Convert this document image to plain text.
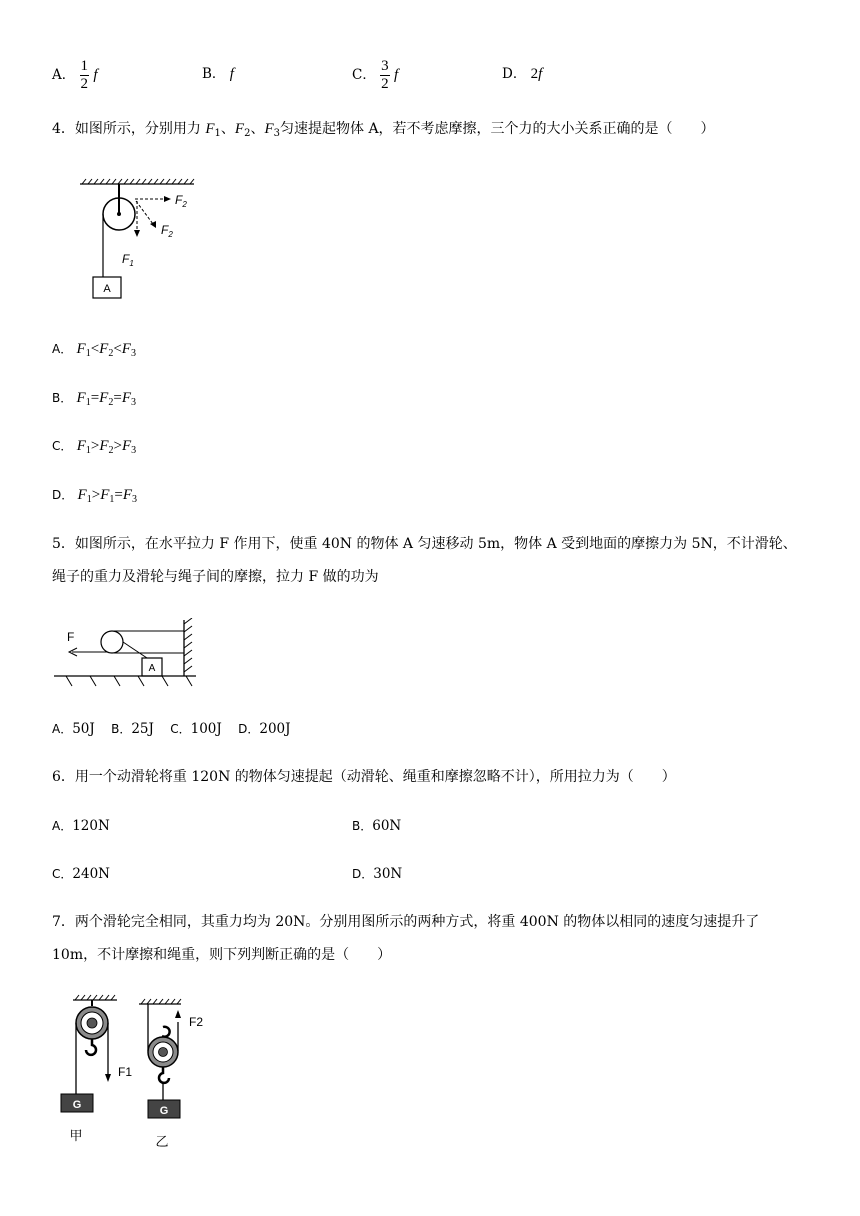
A． $\frac{1}{2}$ f	B． f	C． $\frac{3}{2}$ f	D． 2f
4．如图所示，分别用力 $F_1$、$F_2$、$F_3$匀速提起物体 A，若不考虑摩擦，三个力的大小关系正确的是（　　）
A
$F_1$
$F_2$
$F_2$
A． $F_1<F_2<F_3$
B． $F_1=F_2=F_3$
C． $F_1>F_2>F_3$
D． $F_1>F_1=F_3$
5．如图所示，在水平拉力 F 作用下，使重 40N 的物体 A 匀速移动 5m，物体 A 受到地面的摩擦力为 5N，不计滑轮、
绳子的重力及滑轮与绳子间的摩擦，拉力 F 做的功为
F
A
A．50J B．25J C．100J D．200J
6．用一个动滑轮将重 120N 的物体匀速提起（动滑轮、绳重和摩擦忽略不计），所用拉力为（　　）
A．120N	B．60N
C．240N	D．30N
7．两个滑轮完全相同，其重力均为 20N。分别用图所示的两种方式，将重 400N 的物体以相同的速度匀速提升了
10m，不计摩擦和绳重，则下列判断正确的是（　　）
F1
G
甲
F2
G
乙
